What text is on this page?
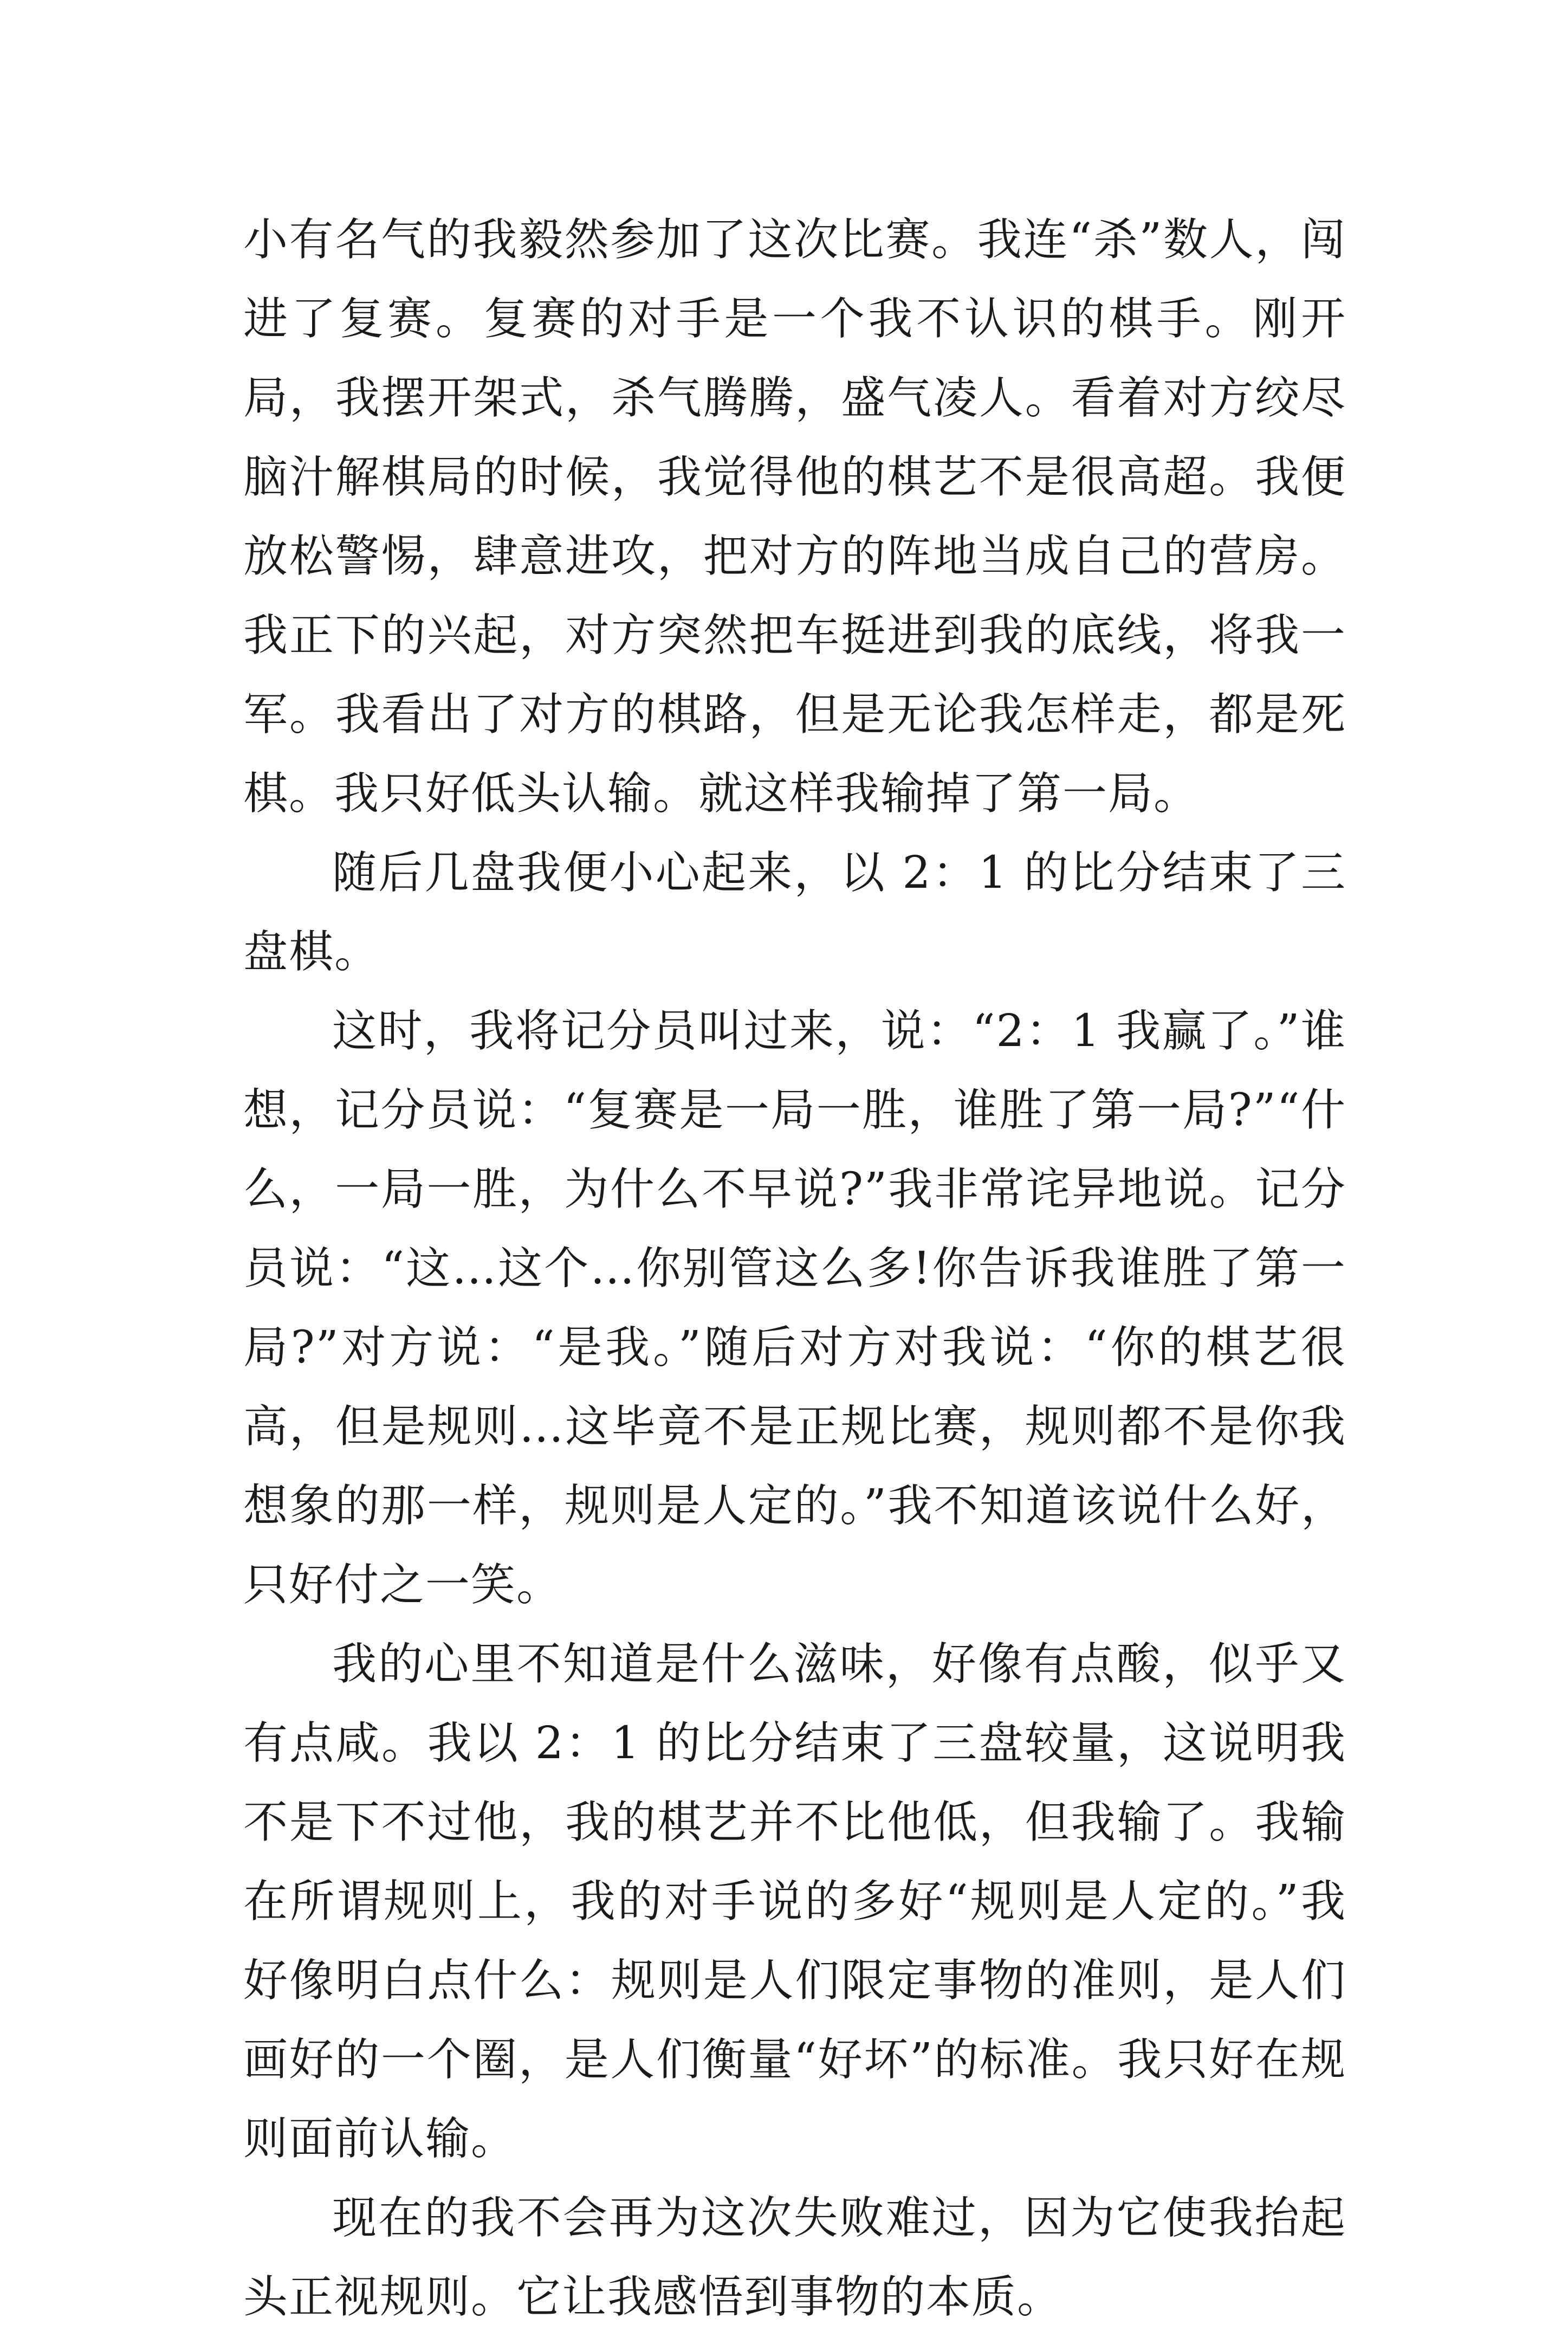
小有名气的我毅然参加了这次比赛。我连“杀”数人，闯进了复赛。复赛的对手是一个我不认识的棋手。刚开局，我摆开架式，杀气腾腾，盛气凌人。看着对方绞尽脑汁解棋局的时候，我觉得他的棋艺不是很高超。我便放松警惕，肆意进攻，把对方的阵地当成自己的营房。我正下的兴起，对方突然把车挺进到我的底线，将我一军。我看出了对方的棋路，但是无论我怎样走，都是死棋。我只好低头认输。就这样我输掉了第一局。

随后几盘我便小心起来，以 2：1 的比分结束了三盘棋。

这时，我将记分员叫过来，说：“2：1 我赢了。”谁想，记分员说：“复赛是一局一胜，谁胜了第一局?”“什么，一局一胜，为什么不早说?”我非常诧异地说。记分员说：“这…这个…你别管这么多!你告诉我谁胜了第一局?”对方说：“是我。”随后对方对我说：“你的棋艺很高，但是规则…这毕竟不是正规比赛，规则都不是你我想象的那一样，规则是人定的。”我不知道该说什么好，只好付之一笑。

我的心里不知道是什么滋味，好像有点酸，似乎又有点咸。我以 2：1 的比分结束了三盘较量，这说明我不是下不过他，我的棋艺并不比他低，但我输了。我输在所谓规则上，我的对手说的多好“规则是人定的。”我好像明白点什么：规则是人们限定事物的准则，是人们画好的一个圈，是人们衡量“好坏”的标准。我只好在规则面前认输。

现在的我不会再为这次失败难过，因为它使我抬起头正视规则。它让我感悟到事物的本质。
